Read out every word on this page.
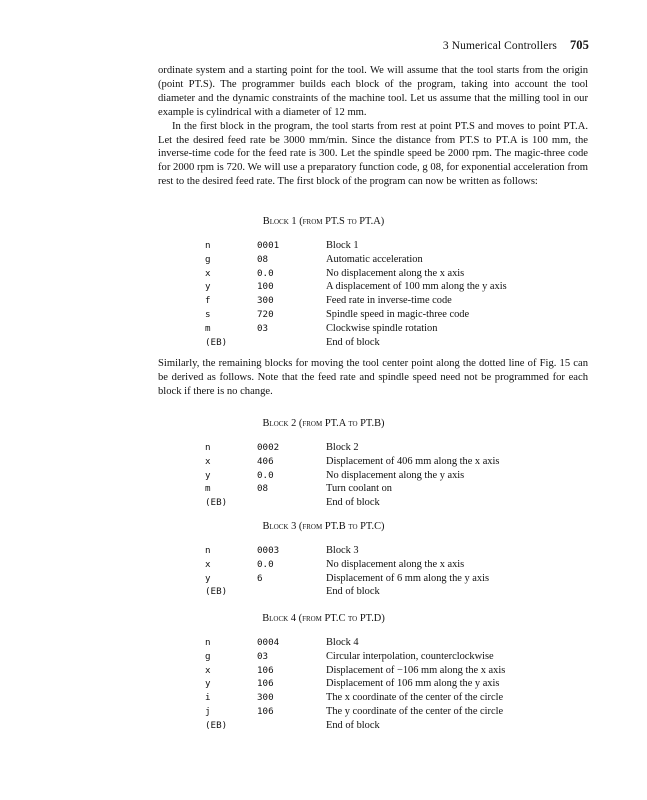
3 Numerical Controllers 705

ordinate system and a starting point for the tool. We will assume that the tool starts from the origin (point PT.S). The programmer builds each block of the program, taking into account the tool diameter and the dynamic constraints of the machine tool. Let us assume that the milling tool in our example is cylindrical with a diameter of 12 mm.

In the first block in the program, the tool starts from rest at point PT.S and moves to point PT.A. Let the desired feed rate be 3000 mm/min. Since the distance from PT.S to PT.A is 100 mm, the inverse-time code for the feed rate is 300. Let the spindle speed be 2000 rpm. The magic-three code for 2000 rpm is 720. We will use a preparatory function code, g 08, for exponential acceleration from rest to the desired feed rate. The first block of the program can now be written as follows:

Similarly, the remaining blocks for moving the tool center point along the dotted line of Fig. 15 can be derived as follows. Note that the feed rate and spindle speed need not be programmed for each block if there is no change.

Block 1 (from PT.S to PT.A)
n	0001	Block 1
g	08	Automatic acceleration
x	0.0	No displacement along the x axis
y	100	A displacement of 100 mm along the y axis
f	300	Feed rate in inverse-time code
s	720	Spindle speed in magic-three code
m	03	Clockwise spindle rotation
(EB)	End of block
Block 2 (from PT.A to PT.B)
n	0002	Block 2
x	406	Displacement of 406 mm along the x axis
y	0.0	No displacement along the y axis
m	08	Turn coolant on
(EB)	End of block
Block 3 (from PT.B to PT.C)
n	0003	Block 3
x	0.0	No displacement along the x axis
y	6	Displacement of 6 mm along the y axis
(EB)	End of block
Block 4 (from PT.C to PT.D)
n	0004	Block 4
g	03	Circular interpolation, counterclockwise
x	106	Displacement of −106 mm along the x axis
y	106	Displacement of 106 mm along the y axis
i	300	The x coordinate of the center of the circle
j	106	The y coordinate of the center of the circle
(EB)	End of block
